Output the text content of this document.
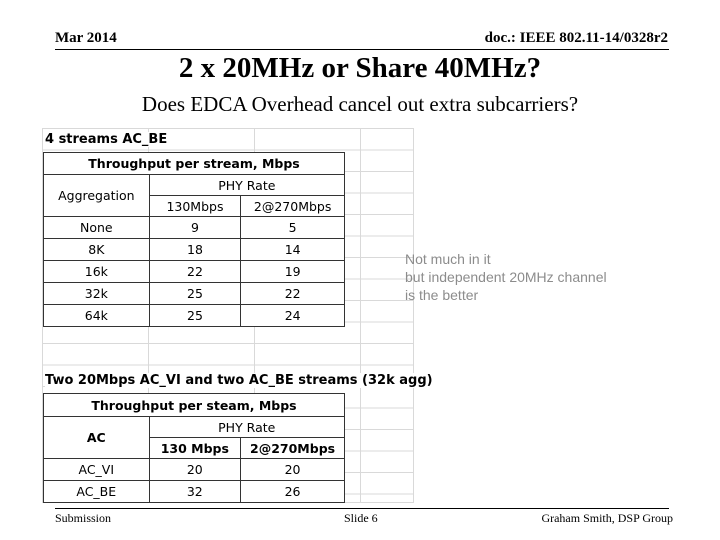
Mar 2014	doc.: IEEE 802.11-14/0328r2
2 x 20MHz or Share 40MHz?
Does EDCA Overhead cancel out extra subcarriers?
4 streams AC_BE
Throughput per stream, Mbps		
Aggregation	PHY Rate	
	130Mbps	2@270Mbps
None	9	5
8K	18	14
16k	22	19
32k	25	22
64k	25	24
Two 20Mbps AC_VI and two AC_BE streams (32k agg)
Throughput per steam, Mbps		
AC	PHY Rate	
	130 Mbps	2@270Mbps
AC_VI	20	20
AC_BE	32	26
Not much in it
but independent 20MHz channel
is the better
Submission	Slide 6	Graham Smith, DSP Group
